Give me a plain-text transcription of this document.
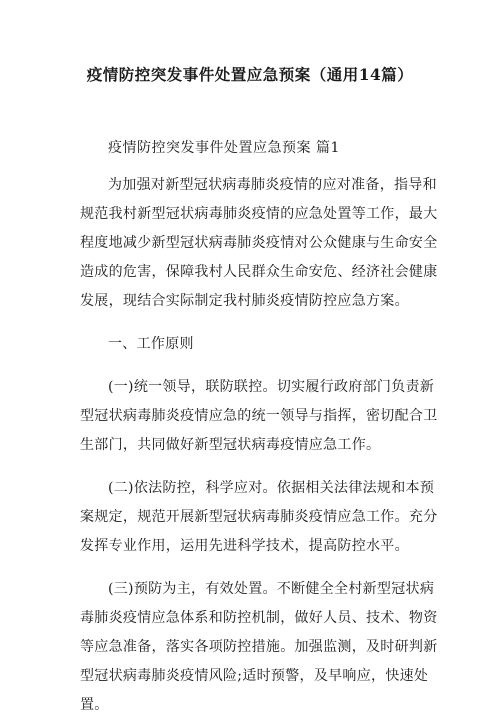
疫情防控突发事件处置应急预案（通用14篇）
疫情防控突发事件处置应急预案 篇1

为加强对新型冠状病毒肺炎疫情的应对准备，指导和
规范我村新型冠状病毒肺炎疫情的应急处置等工作，最大
程度地减少新型冠状病毒肺炎疫情对公众健康与生命安全
造成的危害，保障我村人民群众生命安危、经济社会健康
发展，现结合实际制定我村肺炎疫情防控应急方案。

一、工作原则

(一)统一领导，联防联控。切实履行政府部门负责新
型冠状病毒肺炎疫情应急的统一领导与指挥，密切配合卫
生部门，共同做好新型冠状病毒疫情应急工作。

(二)依法防控，科学应对。依据相关法律法规和本预
案规定，规范开展新型冠状病毒肺炎疫情应急工作。充分
发挥专业作用，运用先进科学技术，提高防控水平。

(三)预防为主，有效处置。不断健全全村新型冠状病
毒肺炎疫情应急体系和防控机制，做好人员、技术、物资
等应急准备，落实各项防控措施。加强监测，及时研判新
型冠状病毒肺炎疫情风险;适时预警，及早响应，快速处
置。
